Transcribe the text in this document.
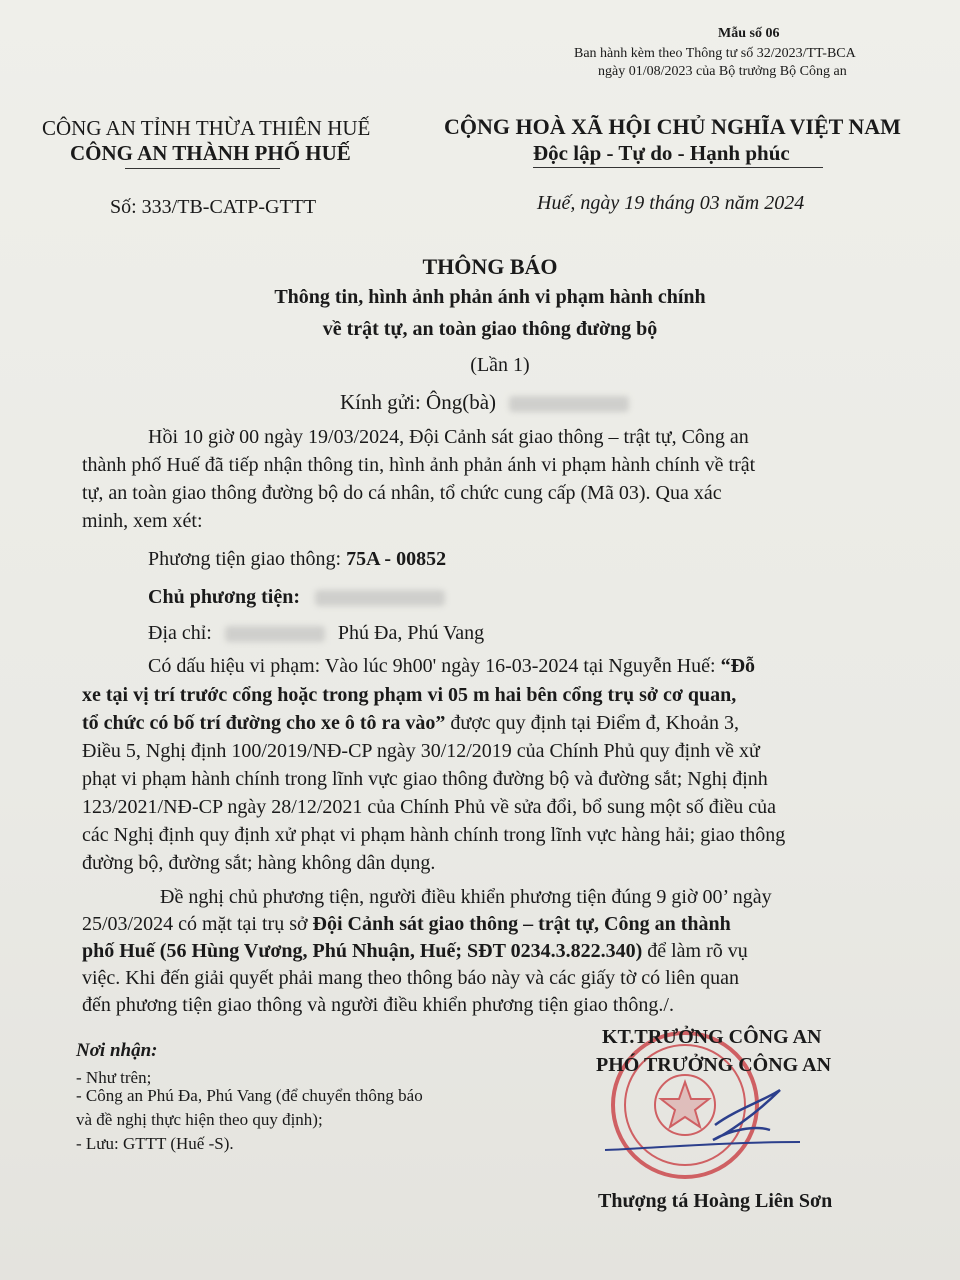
Mẫu số 06
Ban hành kèm theo Thông tư số 32/2023/TT-BCA
ngày 01/08/2023 của Bộ trưởng Bộ Công an
CÔNG AN TỈNH THỪA THIÊN HUẾ
CÔNG AN THÀNH PHỐ HUẾ
CỘNG HOÀ XÃ HỘI CHỦ NGHĨA VIỆT NAM
Độc lập - Tự do - Hạnh phúc
Số: 333/TB-CATP-GTTT	Huế, ngày 19 tháng 03 năm 2024
THÔNG BÁO
Thông tin, hình ảnh phản ánh vi phạm hành chính
về trật tự, an toàn giao thông đường bộ
(Lần 1)
Kính gửi: Ông(bà)
Hồi 10 giờ 00 ngày 19/03/2024, Đội Cảnh sát giao thông – trật tự, Công an
thành phố Huế đã tiếp nhận thông tin, hình ảnh phản ánh vi phạm hành chính về trật
tự, an toàn giao thông đường bộ do cá nhân, tổ chức cung cấp (Mã 03). Qua xác
minh, xem xét:
Phương tiện giao thông: 75A - 00852
Chủ phương tiện:
Địa chỉ:	Phú Đa, Phú Vang
Có dấu hiệu vi phạm: Vào lúc 9h00' ngày 16-03-2024 tại Nguyễn Huế: “Đỗ
xe tại vị trí trước cổng hoặc trong phạm vi 05 m hai bên cổng trụ sở cơ quan,
tổ chức có bố trí đường cho xe ô tô ra vào” được quy định tại Điểm đ, Khoản 3,
Điều 5, Nghị định 100/2019/NĐ-CP ngày 30/12/2019 của Chính Phủ quy định về xử
phạt vi phạm hành chính trong lĩnh vực giao thông đường bộ và đường sắt; Nghị định
123/2021/NĐ-CP ngày 28/12/2021 của Chính Phủ về sửa đổi, bổ sung một số điều của
các Nghị định quy định xử phạt vi phạm hành chính trong lĩnh vực hàng hải; giao thông
đường bộ, đường sắt; hàng không dân dụng.
Đề nghị chủ phương tiện, người điều khiển phương tiện đúng 9 giờ 00’ ngày
25/03/2024 có mặt tại trụ sở Đội Cảnh sát giao thông – trật tự, Công an thành
phố Huế (56 Hùng Vương, Phú Nhuận, Huế; SĐT 0234.3.822.340) để làm rõ vụ
việc. Khi đến giải quyết phải mang theo thông báo này và các giấy tờ có liên quan
đến phương tiện giao thông và người điều khiển phương tiện giao thông./.
Nơi nhận:
- Như trên;
- Công an Phú Đa, Phú Vang (để chuyển thông báo
và đề nghị thực hiện theo quy định);
- Lưu: GTTT (Huế -S).
KT.TRƯỞNG CÔNG AN
PHÓ TRƯỞNG CÔNG AN
Thượng tá Hoàng Liên Sơn
